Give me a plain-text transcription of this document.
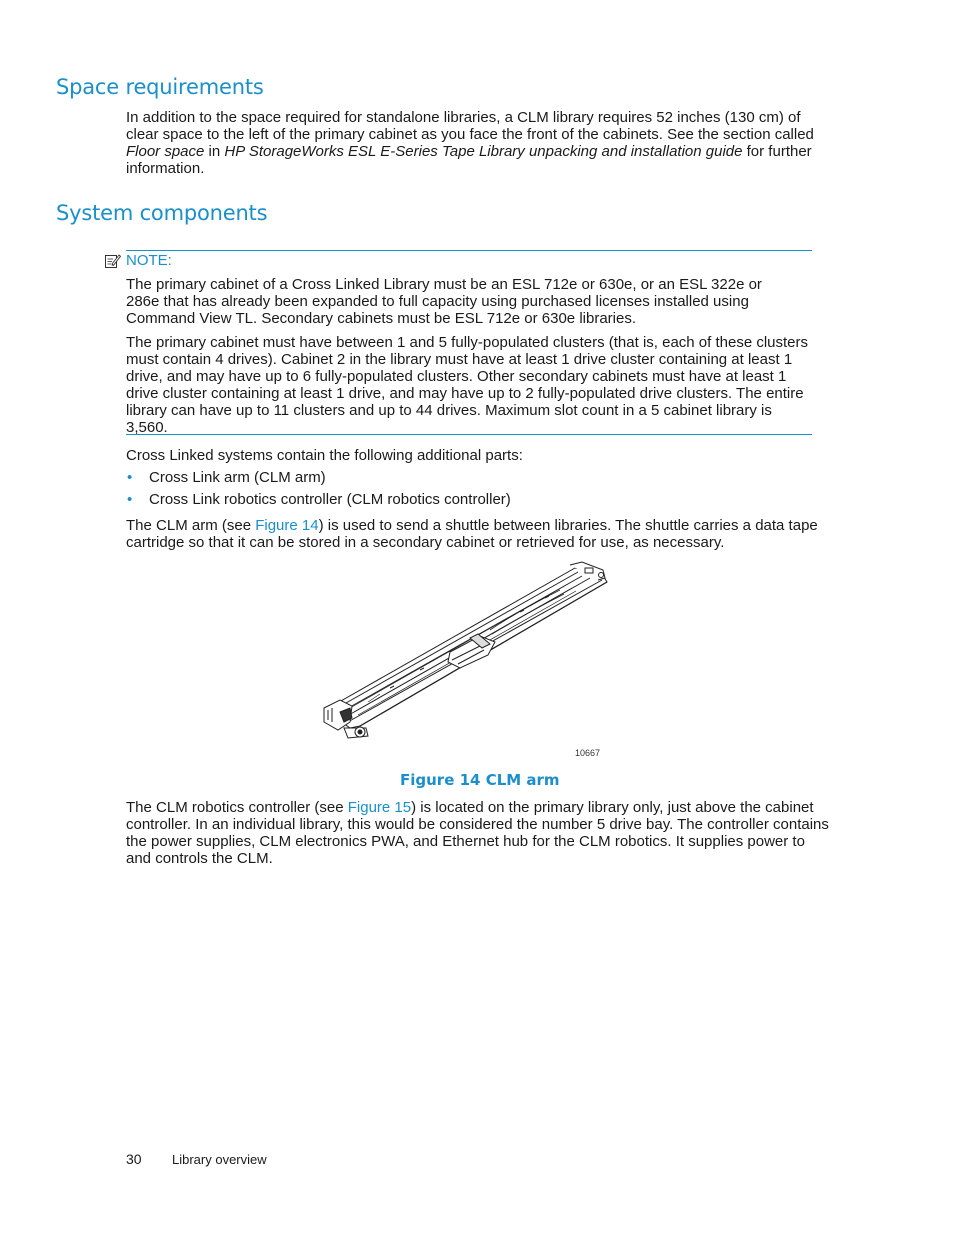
Space requirements

In addition to the space required for standalone libraries, a CLM library requires 52 inches (130 cm) of clear space to the left of the primary cabinet as you face the front of the cabinets. See the section called Floor space in HP StorageWorks ESL E-Series Tape Library unpacking and installation guide for further information.

System components
NOTE:

The primary cabinet of a Cross Linked Library must be an ESL 712e or 630e, or an ESL 322e or 286e that has already been expanded to full capacity using purchased licenses installed using Command View TL. Secondary cabinets must be ESL 712e or 630e libraries.

The primary cabinet must have between 1 and 5 fully-populated clusters (that is, each of these clusters must contain 4 drives). Cabinet 2 in the library must have at least 1 drive cluster containing at least 1 drive, and may have up to 6 fully-populated clusters. Other secondary cabinets must have at least 1 drive cluster containing at least 1 drive, and may have up to 2 fully-populated drive clusters. The entire library can have up to 11 clusters and up to 44 drives. Maximum slot count in a 5 cabinet library is 3,560.

Cross Linked systems contain the following additional parts:

• Cross Link arm (CLM arm)
• Cross Link robotics controller (CLM robotics controller)

The CLM arm (see Figure 14) is used to send a shuttle between libraries. The shuttle carries a data tape cartridge so that it can be stored in a secondary cabinet or retrieved for use, as necessary.

10667
Figure 14 CLM arm

The CLM robotics controller (see Figure 15) is located on the primary library only, just above the cabinet controller. In an individual library, this would be considered the number 5 drive bay. The controller contains the power supplies, CLM electronics PWA, and Ethernet hub for the CLM robotics. It supplies power to and controls the CLM.

30 Library overview
